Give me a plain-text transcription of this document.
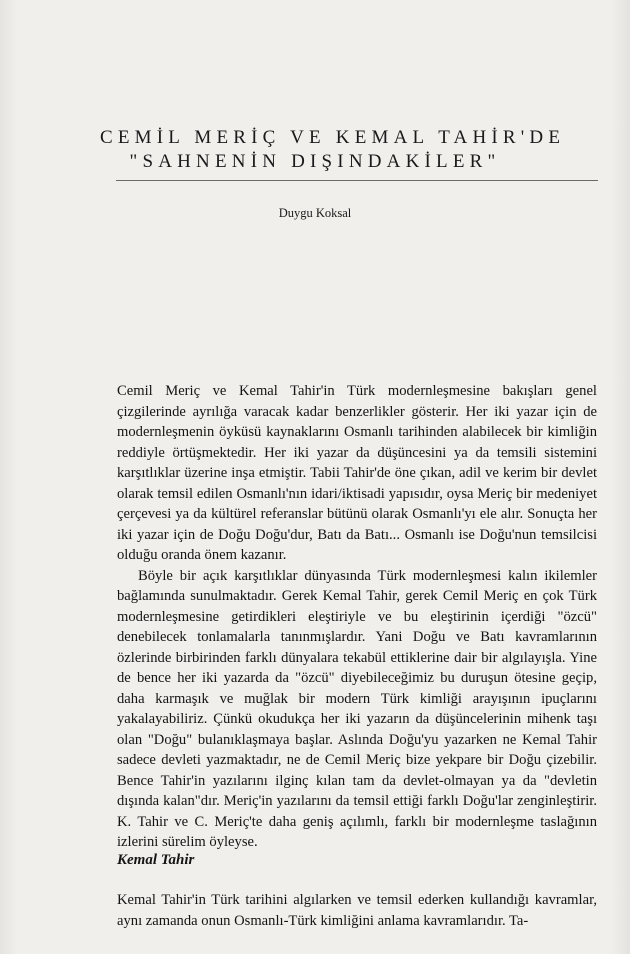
CEMİL MERİÇ VE KEMAL TAHİR'DE
"SAHNENİN DIŞINDAKİLER"
Duygu Koksal

Cemil Meriç ve Kemal Tahir'in Türk modernleşmesine bakışları genel çizgilerinde ayrılığa varacak kadar benzerlikler gösterir. Her iki yazar için de modernleşmenin öyküsü kaynaklarını Osmanlı tarihinden alabilecek bir kimliğin reddiyle örtüşmektedir. Her iki yazar da düşüncesini ya da temsili sistemini karşıtlıklar üzerine inşa etmiştir. Tabii Tahir'de öne çıkan, adil ve kerim bir devlet olarak temsil edilen Osmanlı'nın idari/iktisadi yapısıdır, oysa Meriç bir medeniyet çerçevesi ya da kültürel referanslar bütünü olarak Osmanlı'yı ele alır. Sonuçta her iki yazar için de Doğu Doğu'dur, Batı da Batı... Osmanlı ise Doğu'nun temsilcisi olduğu oranda önem kazanır.

Böyle bir açık karşıtlıklar dünyasında Türk modernleşmesi kalın ikilemler bağlamında sunulmaktadır. Gerek Kemal Tahir, gerek Cemil Meriç en çok Türk modernleşmesine getirdikleri eleştiriyle ve bu eleştirinin içerdiği "özcü" denebilecek tonlamalarla tanınmışlardır. Yani Doğu ve Batı kavramlarının özlerinde birbirinden farklı dünyalara tekabül ettiklerine dair bir algılayışla. Yine de bence her iki yazarda da "özcü" diyebileceğimiz bu duruşun ötesine geçip, daha karmaşık ve muğlak bir modern Türk kimliği arayışının ipuçlarını yakalayabiliriz. Çünkü okudukça her iki yazarın da düşüncelerinin mihenk taşı olan "Doğu" bulanıklaşmaya başlar. Aslında Doğu'yu yazarken ne Kemal Tahir sadece devleti yazmaktadır, ne de Cemil Meriç bize yekpare bir Doğu çizebilir. Bence Tahir'in yazılarını ilginç kılan tam da devlet-olmayan ya da "devletin dışında kalan"dır. Meriç'in yazılarını da temsil ettiği farklı Doğu'lar zenginleştirir. K. Tahir ve C. Meriç'te daha geniş açılımlı, farklı bir modernleşme taslağının izlerini sürelim öyleyse.

Kemal Tahir

Kemal Tahir'in Türk tarihini algılarken ve temsil ederken kullandığı kavramlar, aynı zamanda onun Osmanlı-Türk kimliğini anlama kavramlarıdır. Ta-
